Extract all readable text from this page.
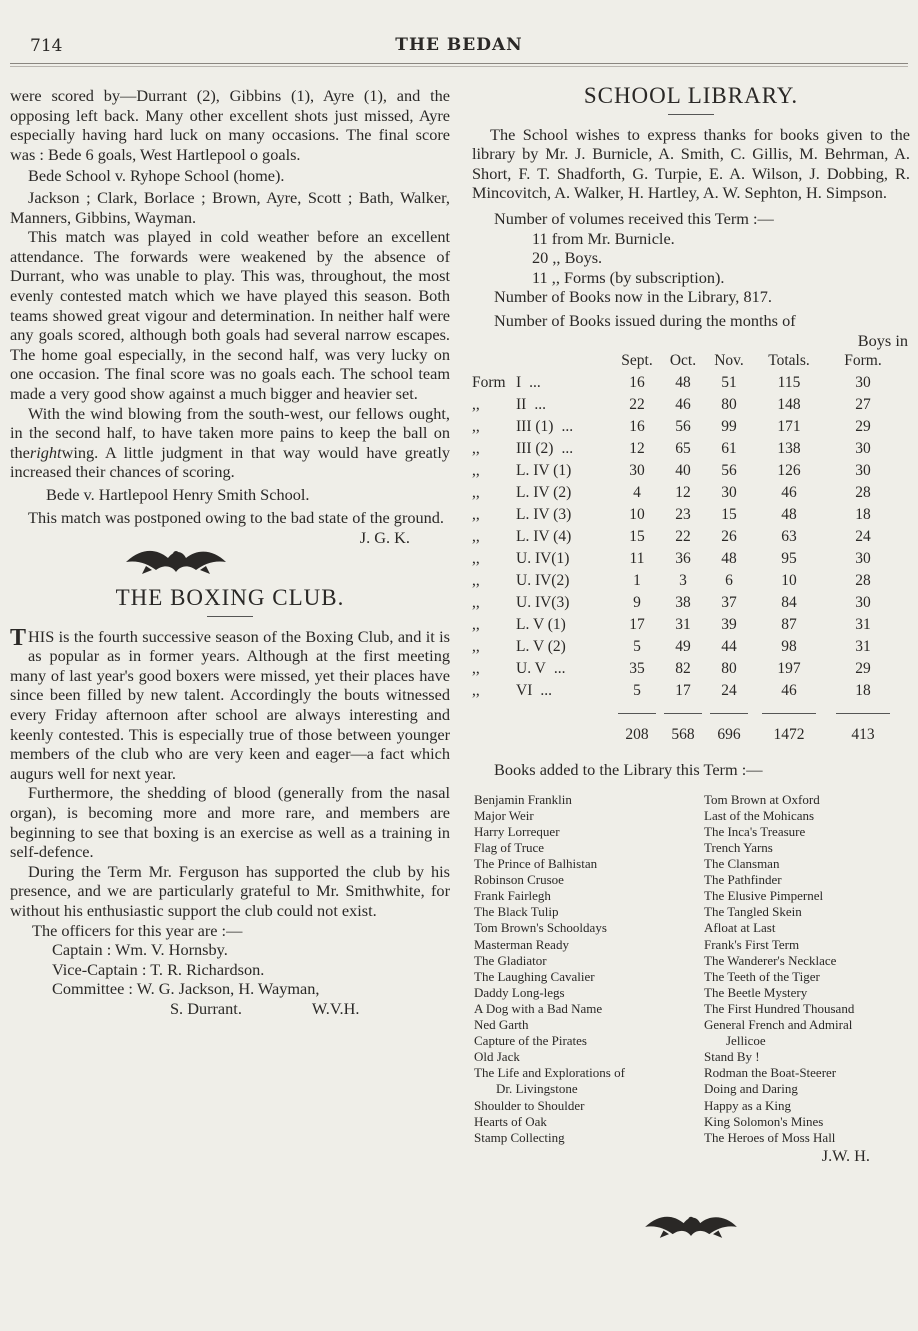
714	THE BEDAN

were scored by—Durrant (2), Gibbins (1), Ayre (1), and the opposing left back. Many other excellent shots just missed, Ayre especially having hard luck on many occasions. The final score was : Bede 6 goals, West Hartlepool o goals.

Bede School v. Ryhope School (home).

Jackson ; Clark, Borlace ; Brown, Ayre, Scott ; Bath, Walker, Manners, Gibbins, Wayman.

This match was played in cold weather before an excellent attendance. The forwards were weakened by the absence of Durrant, who was unable to play. This was, throughout, the most evenly contested match which we have played this season. Both teams showed great vigour and determination. In neither half were any goals scored, although both goals had several narrow escapes. The home goal especially, in the second half, was very lucky on one occasion. The final score was no goals each. The school team made a very good show against a much bigger and heavier set.

With the wind blowing from the south-west, our fellows ought, in the second half, to have taken more pains to keep the ball on therightwing. A little judgment in that way would have greatly increased their chances of scoring.

Bede v. Hartlepool Henry Smith School.

This match was postponed owing to the bad state of the ground.
J. G. K.

THE BOXING CLUB.

T HIS is the fourth successive season of the Boxing Club, and it is as popular as in former years. Although at the first meeting many of last year's good boxers were missed, yet their places have since been filled by new talent. Accordingly the bouts witnessed every Friday afternoon after school are always interesting and keenly contested. This is especially true of those between younger members of the club who are very keen and eager—a fact which augurs well for next year.

Furthermore, the shedding of blood (generally from the nasal organ), is becoming more and more rare, and members are beginning to see that boxing is an exercise as well as a training in self-defence.

During the Term Mr. Ferguson has supported the club by his presence, and we are particularly grateful to Mr. Smithwhite, for without his enthusiastic support the club could not exist.

The officers for this year are :—

Captain : Wm. V. Hornsby.

Vice-Captain : T. R. Richardson.

Committee : W. G. Jackson, H. Wayman,

S. Durrant.	W.V.H.

SCHOOL LIBRARY.

The School wishes to express thanks for books given to the library by Mr. J. Burnicle, A. Smith, C. Gillis, M. Behrman, A. Short, F. T. Shadforth, G. Turpie, E. A. Wilson, J. Dobbing, R. Mincovitch, A. Walker, H. Hartley, A. W. Sephton, H. Simpson.

Number of volumes received this Term :—

11 from Mr. Burnicle.

20 ,, Boys.

11 ,, Forms (by subscription).

Number of Books now in the Library, 817.

Number of Books issued during the months of

Boys in

	Sept.	Oct.	Nov.	Totals.	Form.
Form I ...	16	48	51	115	30
,, II ...	22	46	80	148	27
,, III (1) ...	16	56	99	171	29
,, III (2) ...	12	65	61	138	30
,, L. IV (1)	30	40	56	126	30
,, L. IV (2)	4	12	30	46	28
,, L. IV (3)	10	23	15	48	18
,, L. IV (4)	15	22	26	63	24
,, U. IV(1)	11	36	48	95	30
,, U. IV(2)	1	3	6	10	28
,, U. IV(3)	9	38	37	84	30
,, L. V (1)	17	31	39	87	31
,, L. V (2)	5	49	44	98	31
,, U. V ...	35	82	80	197	29
,, VI ...	5	17	24	46	18

	208	568	696	1472	413

Books added to the Library this Term :—

Benjamin Franklin
Major Weir
Harry Lorrequer
Flag of Truce
The Prince of Balhistan
Robinson Crusoe
Frank Fairlegh
The Black Tulip
Tom Brown's Schooldays
Masterman Ready
The Gladiator
The Laughing Cavalier
Daddy Long-legs
A Dog with a Bad Name
Ned Garth
Capture of the Pirates
Old Jack
The Life and Explorations of
Dr. Livingstone
Shoulder to Shoulder
Hearts of Oak
Stamp Collecting
Tom Brown at Oxford
Last of the Mohicans
The Inca's Treasure
Trench Yarns
The Clansman
The Pathfinder
The Elusive Pimpernel
The Tangled Skein
Afloat at Last
Frank's First Term
The Wanderer's Necklace
The Teeth of the Tiger
The Beetle Mystery
The First Hundred Thousand
General French and Admiral
Jellicoe
Stand By !
Rodman the Boat-Steerer
Doing and Daring
Happy as a King
King Solomon's Mines
The Heroes of Moss Hall

J.W. H.
